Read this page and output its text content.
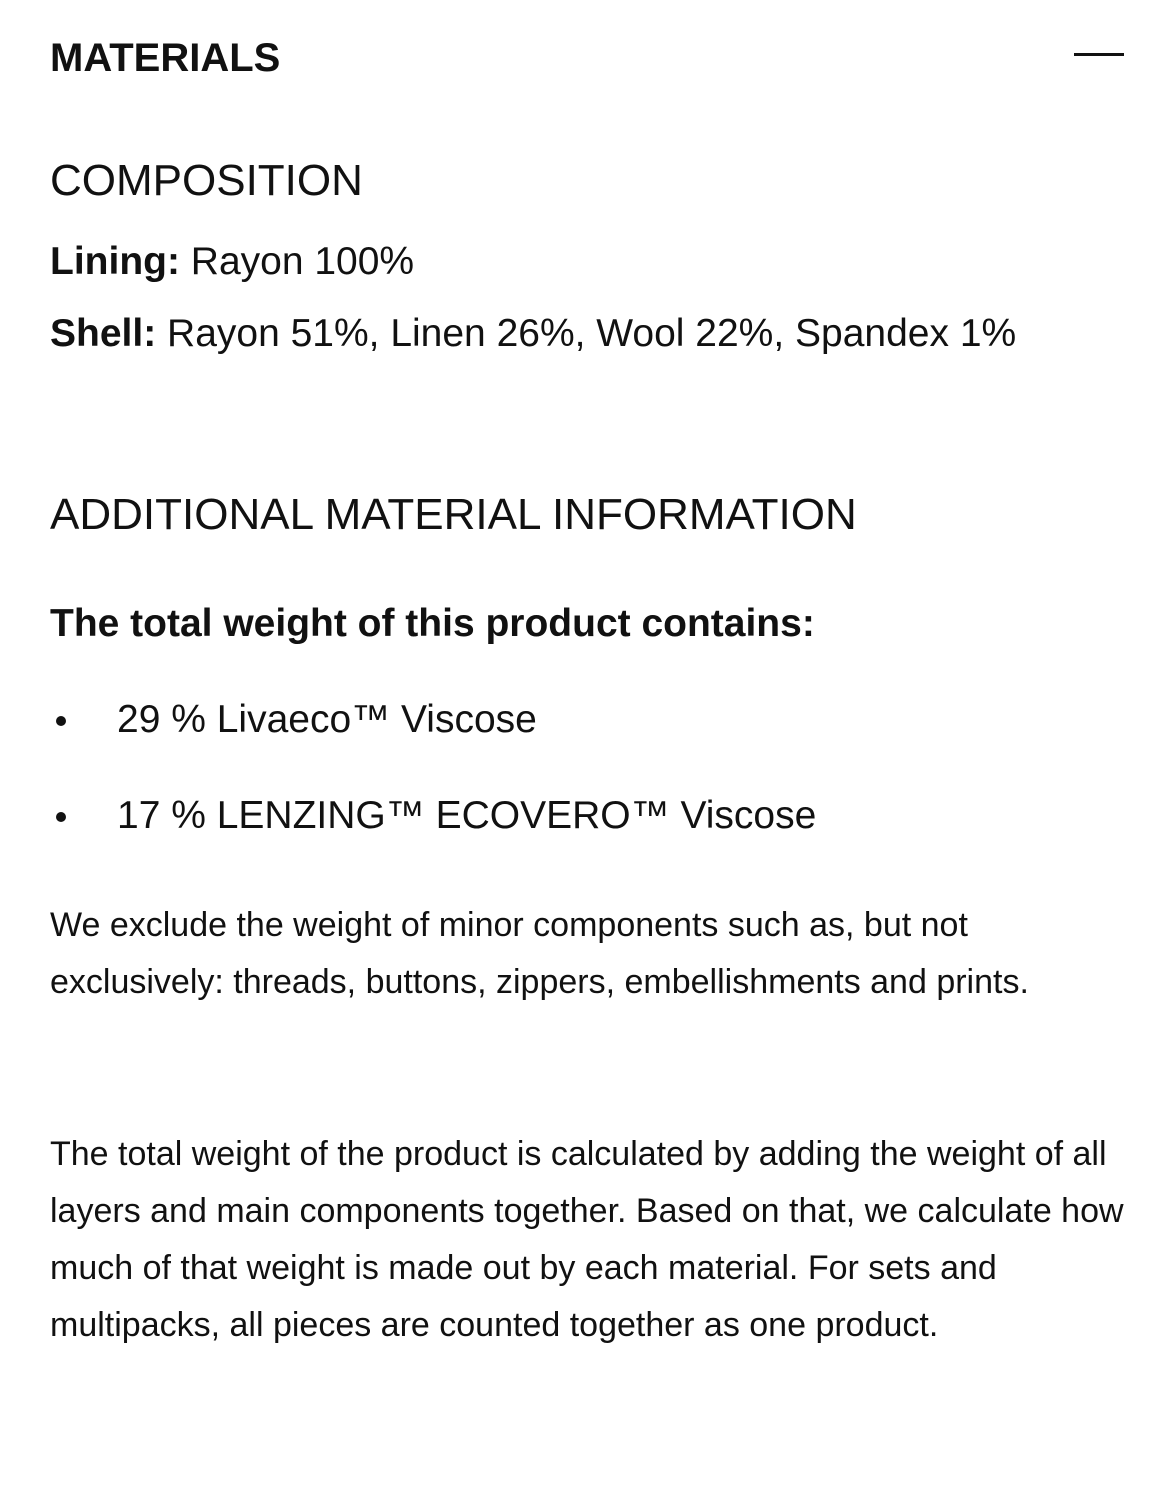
MATERIALS
COMPOSITION
Lining: Rayon 100%
Shell: Rayon 51%, Linen 26%, Wool 22%, Spandex 1%
ADDITIONAL MATERIAL INFORMATION
The total weight of this product contains:
29 % Livaeco™ Viscose
17 % LENZING™ ECOVERO™ Viscose

We exclude the weight of minor components such as, but not exclusively: threads, buttons, zippers, embellishments and prints.

The total weight of the product is calculated by adding the weight of all layers and main components together. Based on that, we calculate how much of that weight is made out by each material. For sets and multipacks, all pieces are counted together as one product.
